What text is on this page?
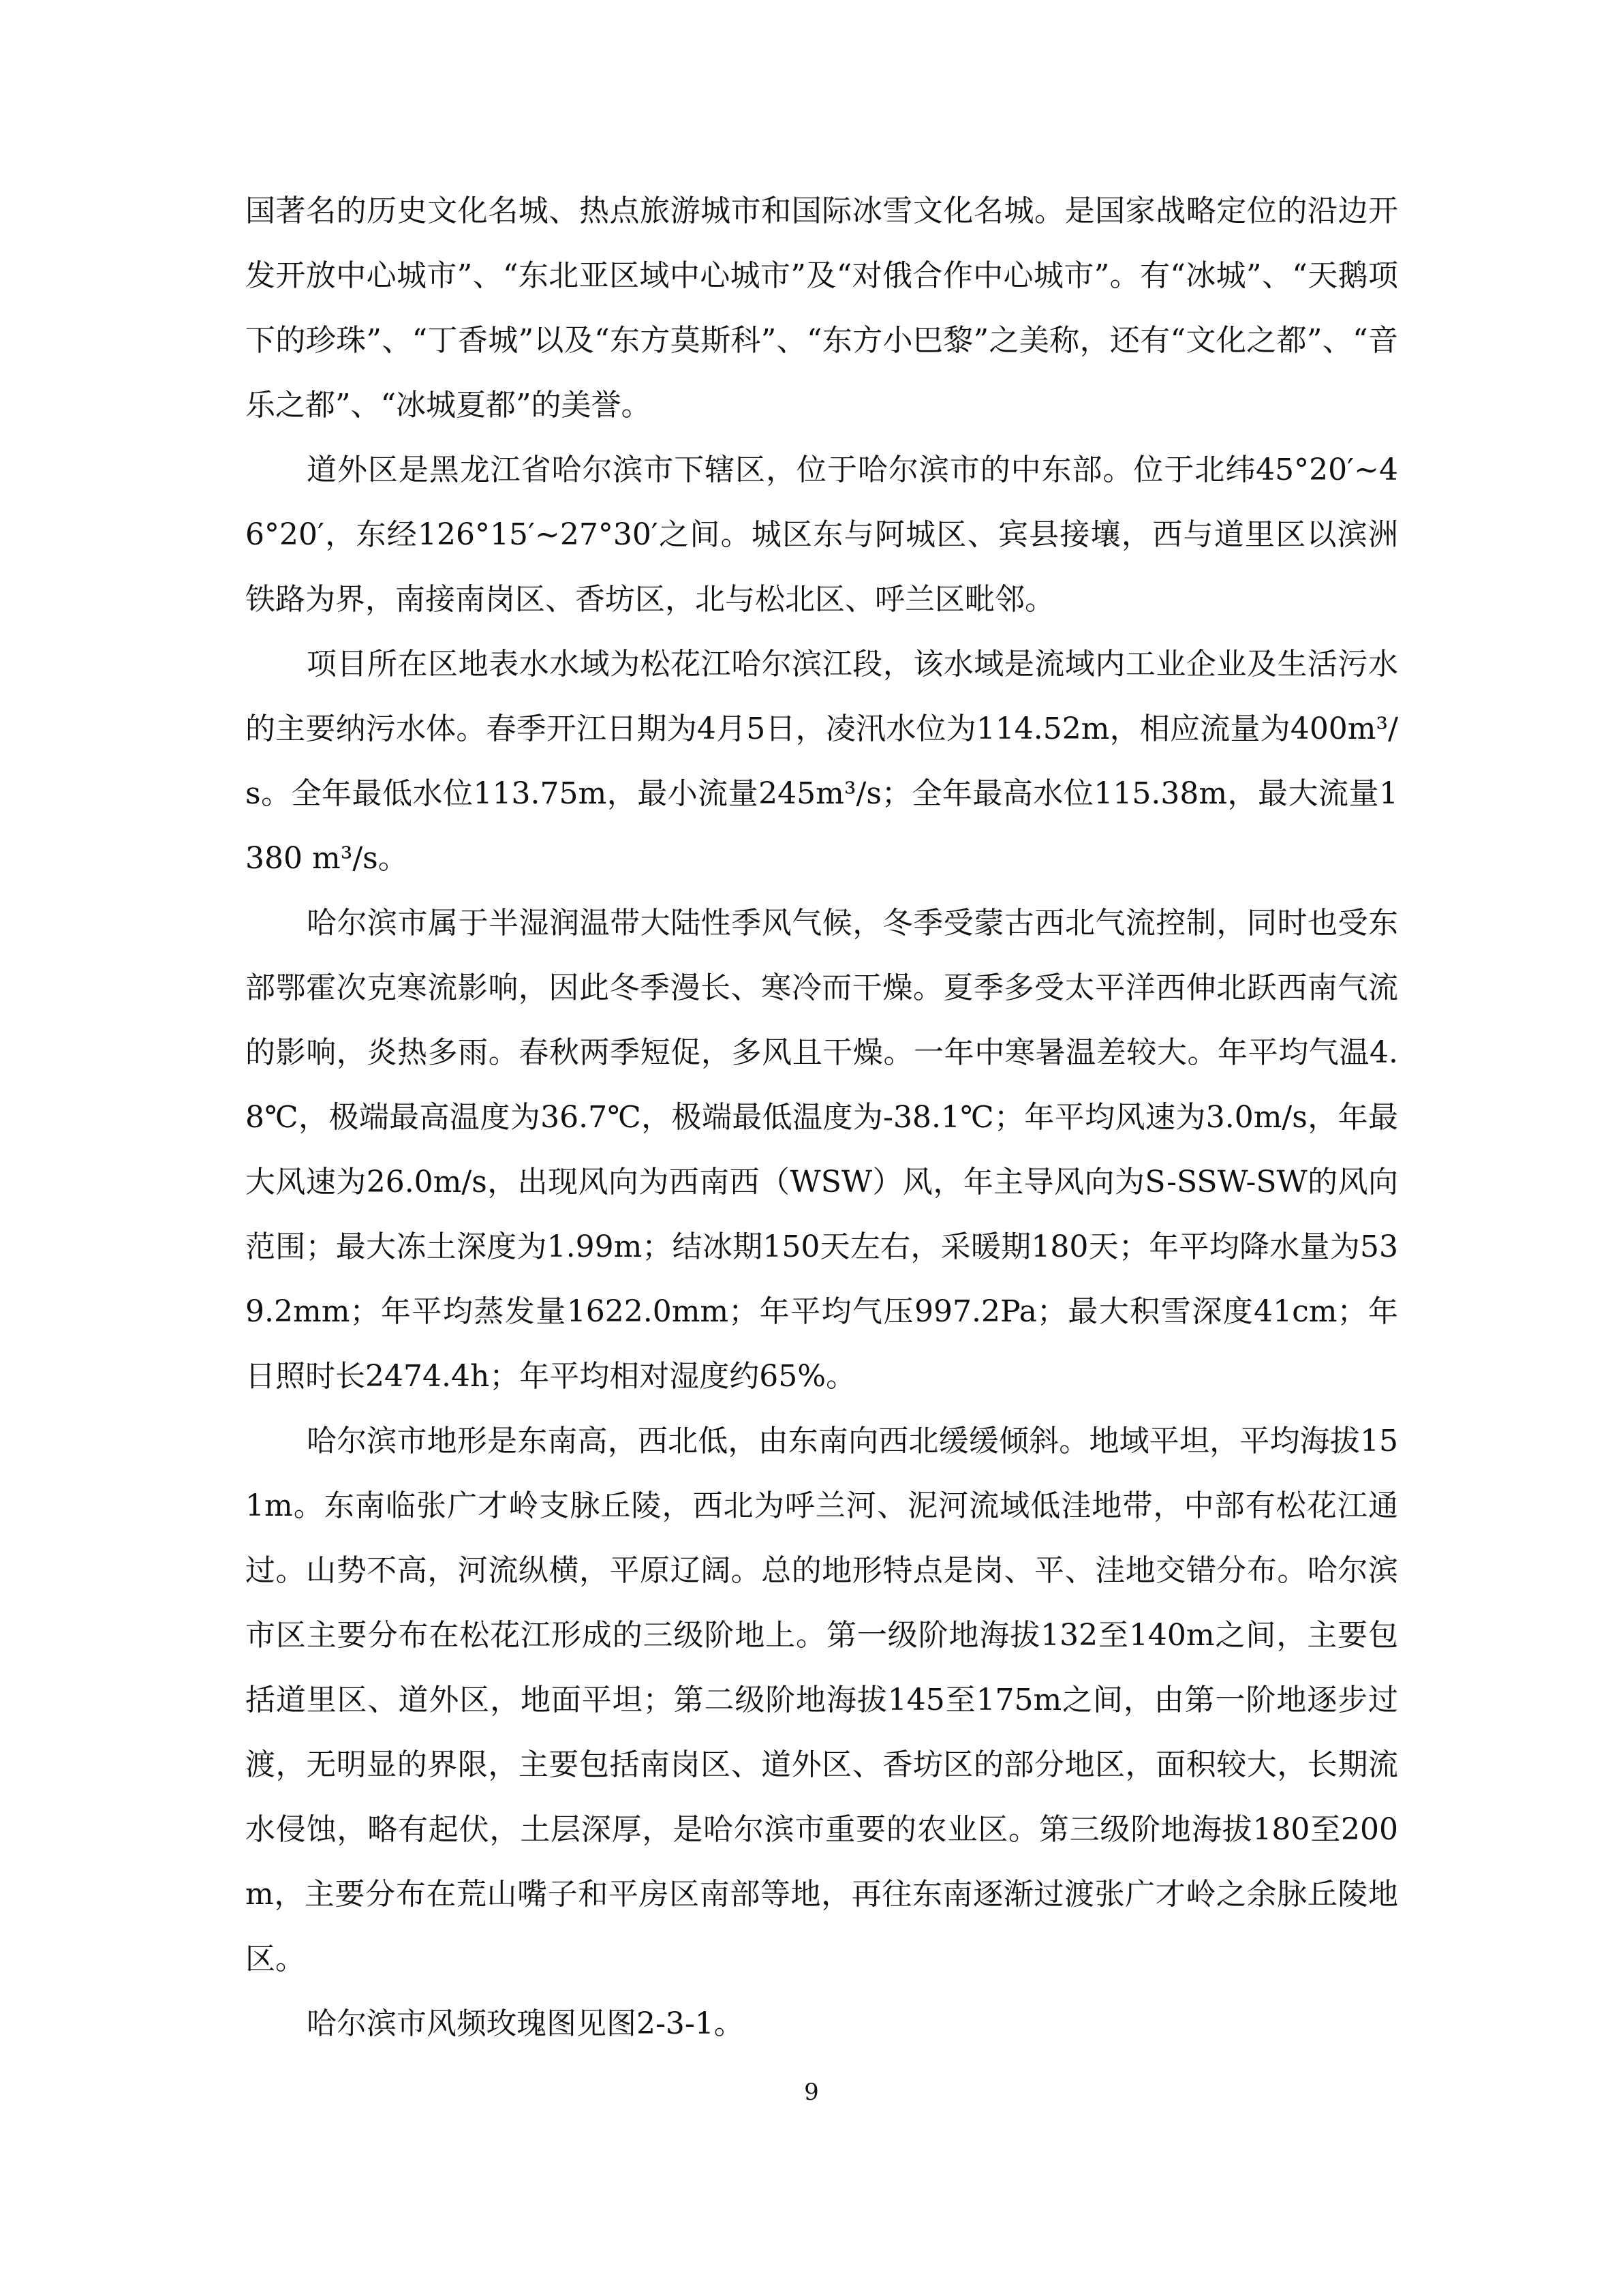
国著名的历史文化名城、热点旅游城市和国际冰雪文化名城。是国家战略定位的沿边开发开放中心城市”、“东北亚区域中心城市”及“对俄合作中心城市”。有“冰城”、“天鹅项下的珍珠”、“丁香城”以及“东方莫斯科”、“东方小巴黎”之美称，还有“文化之都”、“音乐之都”、“冰城夏都”的美誉。

道外区是黑龙江省哈尔滨市下辖区，位于哈尔滨市的中东部。位于北纬45°20′~46°20′，东经126°15′~27°30′之间。城区东与阿城区、宾县接壤，西与道里区以滨洲铁路为界，南接南岗区、香坊区，北与松北区、呼兰区毗邻。

项目所在区地表水水域为松花江哈尔滨江段，该水域是流域内工业企业及生活污水的主要纳污水体。春季开江日期为4月5日，凌汛水位为114.52m，相应流量为400m³/s。全年最低水位113.75m，最小流量245m³/s；全年最高水位115.38m，最大流量1380 m³/s。

哈尔滨市属于半湿润温带大陆性季风气候，冬季受蒙古西北气流控制，同时也受东部鄂霍次克寒流影响，因此冬季漫长、寒冷而干燥。夏季多受太平洋西伸北跃西南气流的影响，炎热多雨。春秋两季短促，多风且干燥。一年中寒暑温差较大。年平均气温4.8℃，极端最高温度为36.7℃，极端最低温度为-38.1℃；年平均风速为3.0m/s，年最大风速为26.0m/s，出现风向为西南西（WSW）风，年主导风向为S-SSW-SW的风向范围；最大冻土深度为1.99m；结冰期150天左右，采暖期180天；年平均降水量为539.2mm；年平均蒸发量1622.0mm；年平均气压997.2Pa；最大积雪深度41cm；年日照时长2474.4h；年平均相对湿度约65%。

哈尔滨市地形是东南高，西北低，由东南向西北缓缓倾斜。地域平坦，平均海拔151m。东南临张广才岭支脉丘陵，西北为呼兰河、泥河流域低洼地带，中部有松花江通过。山势不高，河流纵横，平原辽阔。总的地形特点是岗、平、洼地交错分布。哈尔滨市区主要分布在松花江形成的三级阶地上。第一级阶地海拔132至140m之间，主要包括道里区、道外区，地面平坦；第二级阶地海拔145至175m之间，由第一阶地逐步过渡，无明显的界限，主要包括南岗区、道外区、香坊区的部分地区，面积较大，长期流水侵蚀，略有起伏，土层深厚，是哈尔滨市重要的农业区。第三级阶地海拔180至200m，主要分布在荒山嘴子和平房区南部等地，再往东南逐渐过渡张广才岭之余脉丘陵地区。

哈尔滨市风频玫瑰图见图2-3-1。

9
